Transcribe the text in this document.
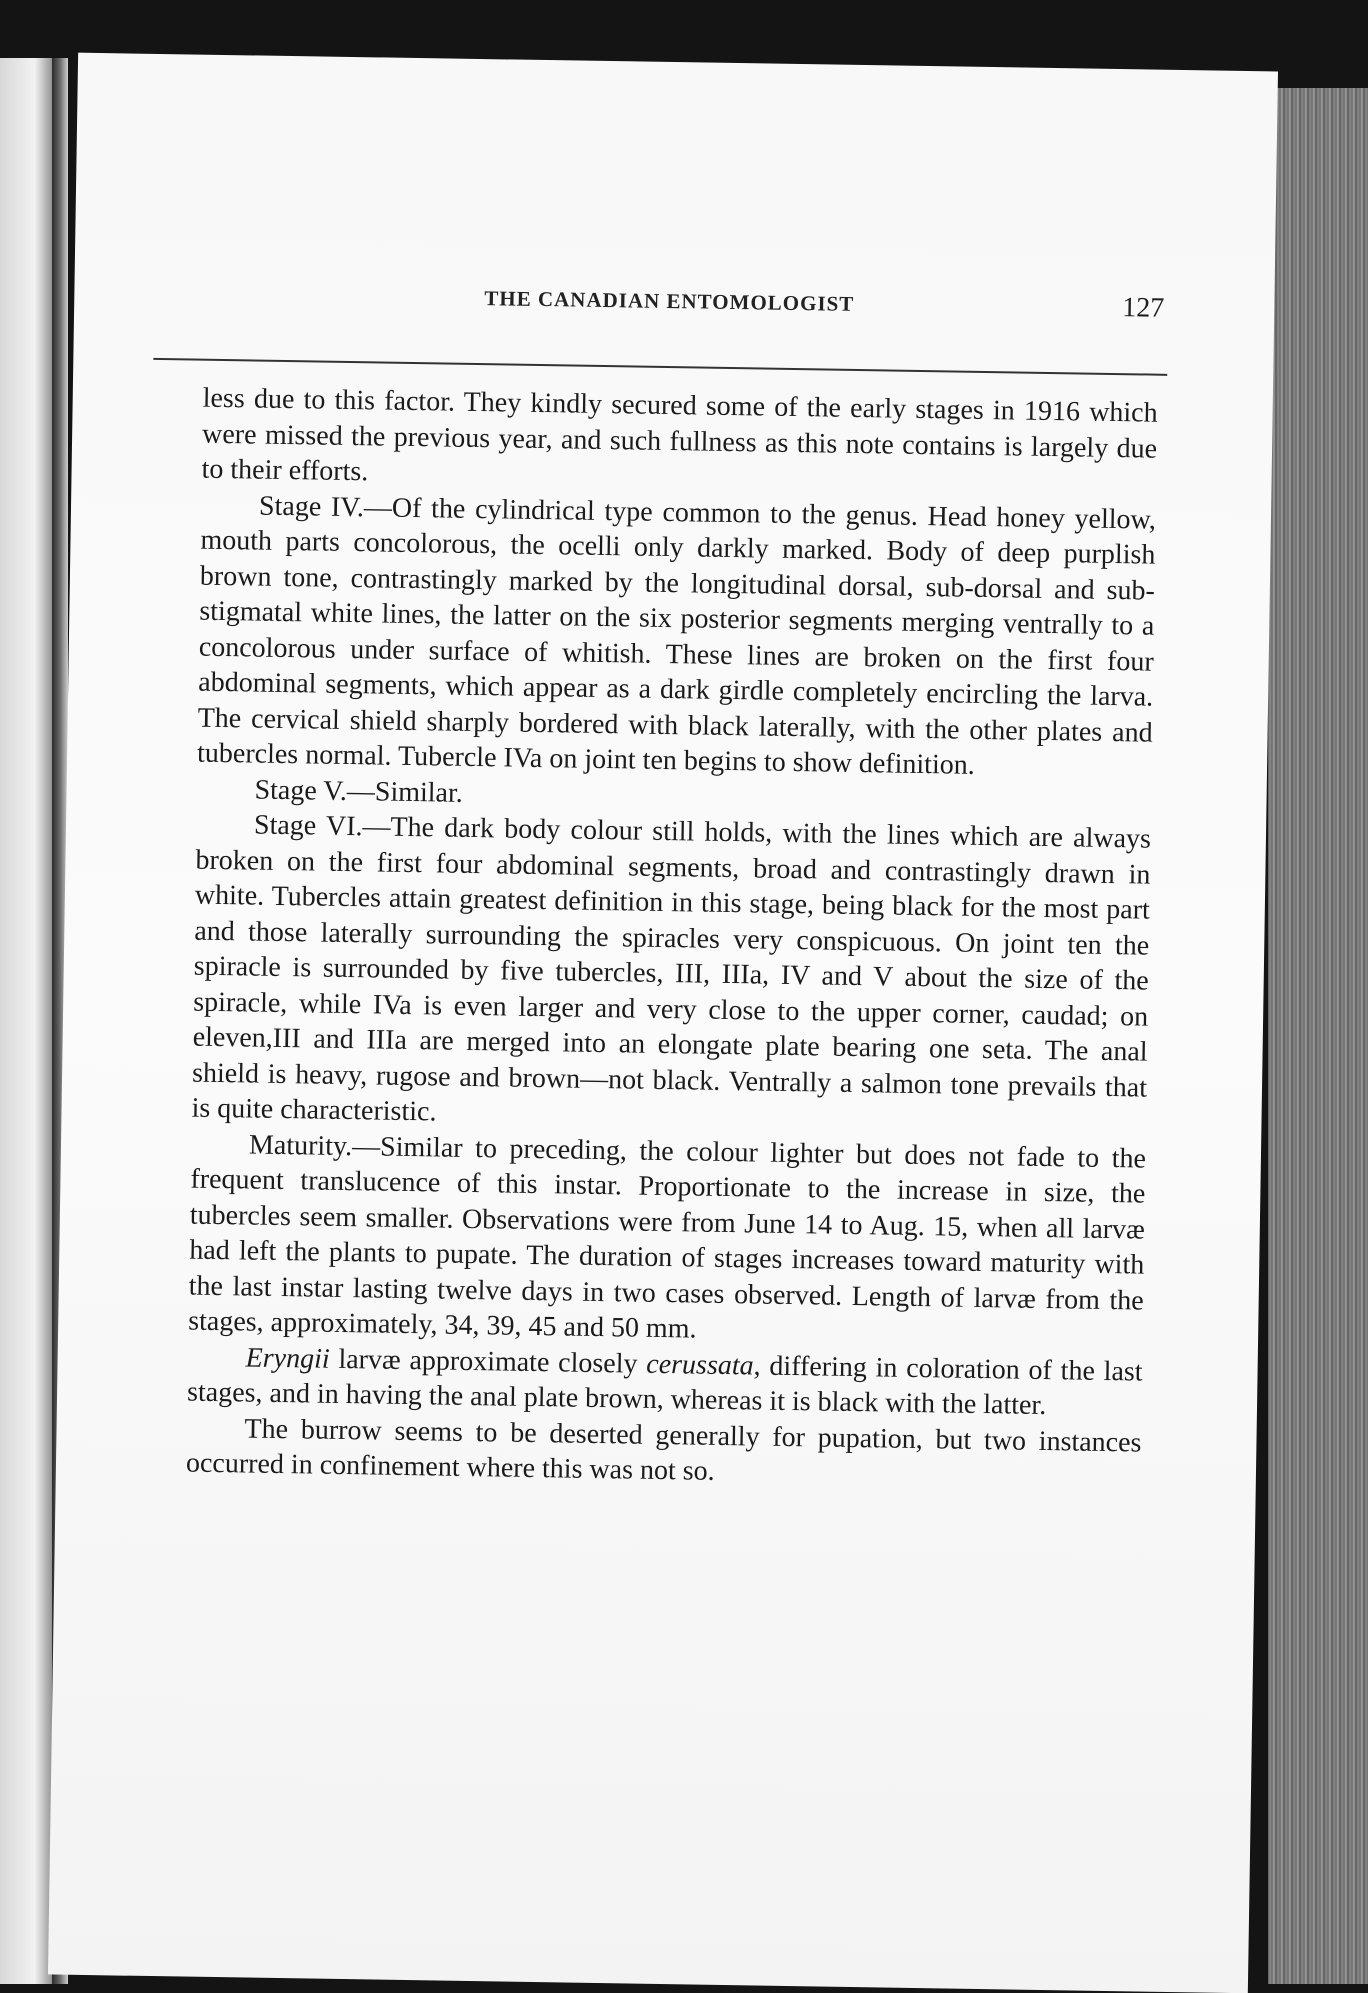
THE CANADIAN ENTOMOLOGIST	127

less due to this factor. They kindly secured some of the early stages in 1916 which were missed the previous year, and such fullness as this note contains is largely due to their efforts.

Stage IV.—Of the cylindrical type common to the genus. Head honey yellow, mouth parts concolorous, the ocelli only darkly marked. Body of deep purplish brown tone, contrastingly marked by the longitudinal dorsal, sub-dorsal and sub-stigmatal white lines, the latter on the six posterior segments merging ventrally to a concolorous under surface of whitish. These lines are broken on the first four abdominal segments, which appear as a dark girdle completely encircling the larva. The cervical shield sharply bordered with black laterally, with the other plates and tubercles normal. Tubercle IVa on joint ten begins to show definition.

Stage V.—Similar.

Stage VI.—The dark body colour still holds, with the lines which are always broken on the first four abdominal segments, broad and contrastingly drawn in white. Tubercles attain greatest definition in this stage, being black for the most part and those laterally surrounding the spiracles very conspicuous. On joint ten the spiracle is surrounded by five tubercles, III, IIIa, IV and V about the size of the spiracle, while IVa is even larger and very close to the upper corner, caudad; on eleven,III and IIIa are merged into an elongate plate bearing one seta. The anal shield is heavy, rugose and brown—not black. Ventrally a salmon tone prevails that is quite characteristic.

Maturity.—Similar to preceding, the colour lighter but does not fade to the frequent translucence of this instar. Proportionate to the increase in size, the tubercles seem smaller. Observations were from June 14 to Aug. 15, when all larvæ had left the plants to pupate. The duration of stages increases toward maturity with the last instar lasting twelve days in two cases observed. Length of larvæ from the stages, approximately, 34, 39, 45 and 50 mm.

Eryngii larvæ approximate closely cerussata, differing in coloration of the last stages, and in having the anal plate brown, whereas it is black with the latter.

The burrow seems to be deserted generally for pupation, but two instances occurred in confinement where this was not so.
